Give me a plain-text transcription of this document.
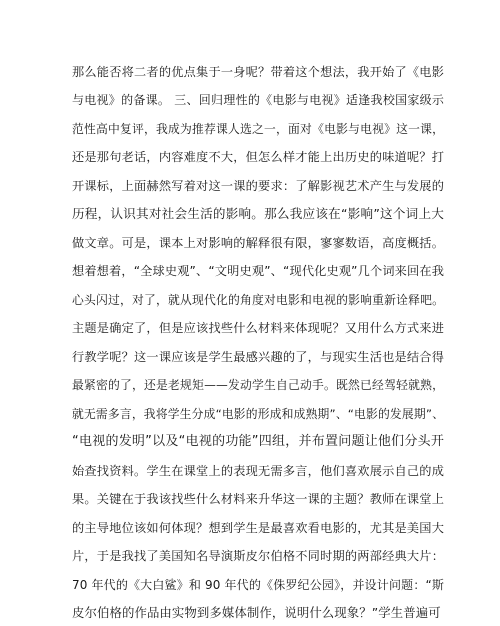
那么能否将二者的优点集于一身呢？带着这个想法，我开始了《电影
与电视》的备课。 三、回归理性的《电影与电视》适逢我校国家级示
范性高中复评，我成为推荐课人选之一，面对《电影与电视》这一课，
还是那句老话，内容难度不大，但怎么样才能上出历史的味道呢？打
开课标，上面赫然写着对这一课的要求：了解影视艺术产生与发展的
历程，认识其对社会生活的影响。那么我应该在“影响”这个词上大
做文章。可是，课本上对影响的解释很有限，寥寥数语，高度概括。
想着想着，“全球史观”、“文明史观”、“现代化史观”几个词来回在我
心头闪过，对了，就从现代化的角度对电影和电视的影响重新诠释吧。
主题是确定了，但是应该找些什么材料来体现呢？又用什么方式来进
行教学呢？这一课应该是学生最感兴趣的了，与现实生活也是结合得
最紧密的了，还是老规矩——发动学生自己动手。既然已经驾轻就熟，
就无需多言，我将学生分成“电影的形成和成熟期”、“电影的发展期”、
“电视的发明”以及“电视的功能”四组，并布置问题让他们分头开
始查找资料。学生在课堂上的表现无需多言，他们喜欢展示自己的成
果。关键在于我该找些什么材料来升华这一课的主题？教师在课堂上
的主导地位该如何体现？想到学生是最喜欢看电影的，尤其是美国大
片，于是我找了美国知名导演斯皮尔伯格不同时期的两部经典大片：
70 年代的《大白鲨》和 90 年代的《侏罗纪公园》，并设计问题：“斯
皮尔伯格的作品由实物到多媒体制作，说明什么现象？”学生普遍可
